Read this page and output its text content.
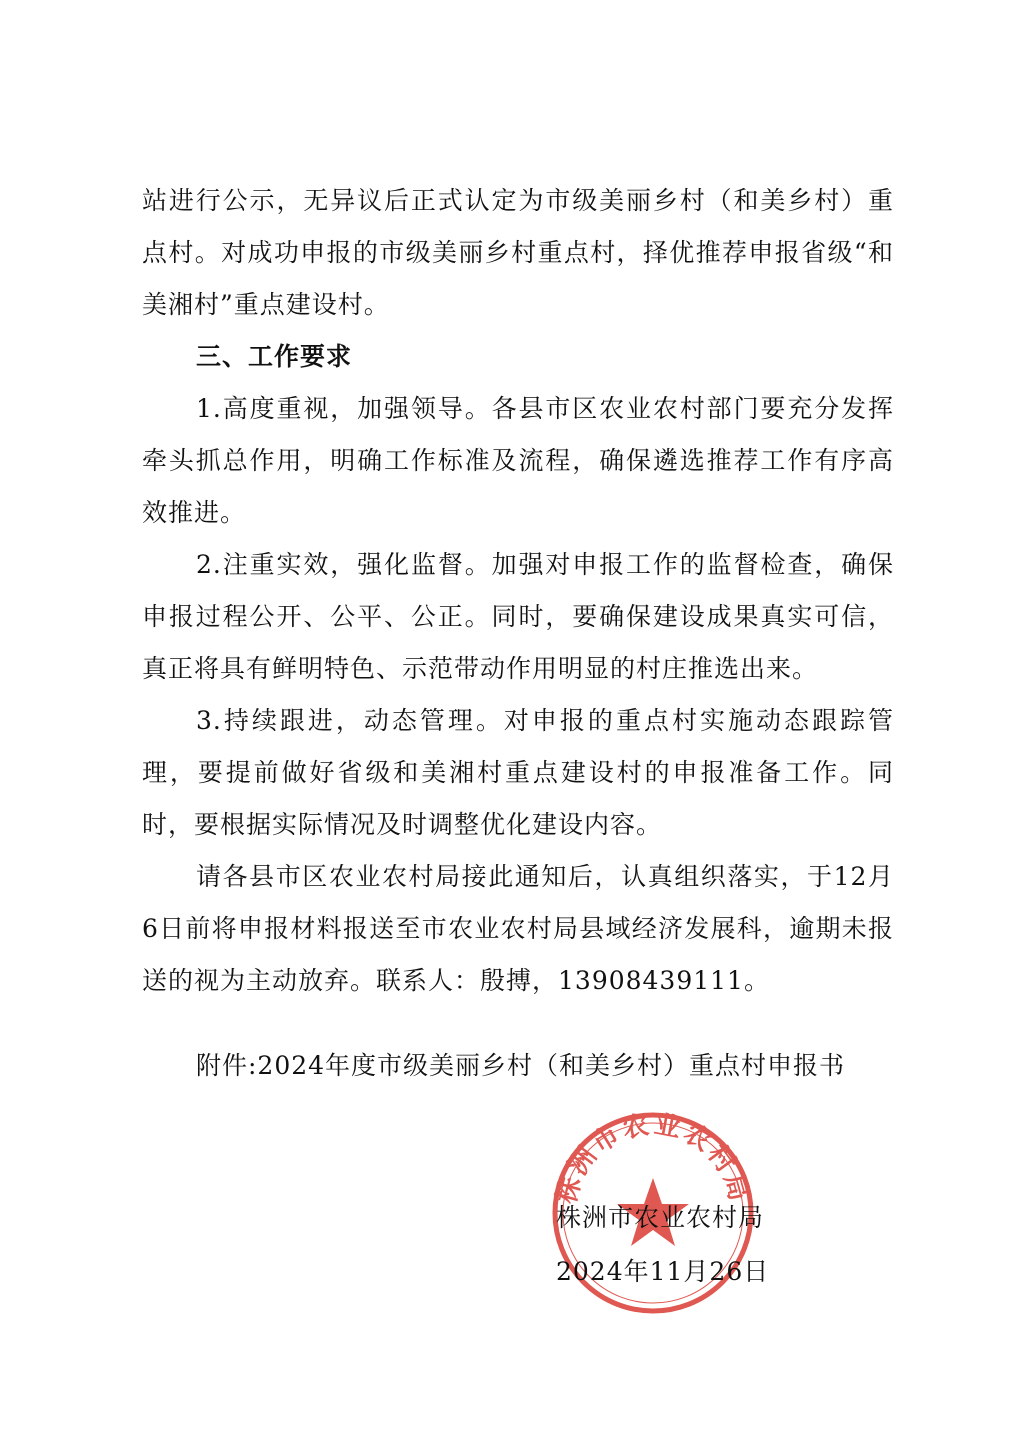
站进行公示，无异议后正式认定为市级美丽乡村（和美乡村）重点村。对成功申报的市级美丽乡村重点村，择优推荐申报省级“和美湘村”重点建设村。

三、工作要求

1.高度重视，加强领导。各县市区农业农村部门要充分发挥牵头抓总作用，明确工作标准及流程，确保遴选推荐工作有序高效推进。

2.注重实效，强化监督。加强对申报工作的监督检查，确保申报过程公开、公平、公正。同时，要确保建设成果真实可信，真正将具有鲜明特色、示范带动作用明显的村庄推选出来。

3.持续跟进，动态管理。对申报的重点村实施动态跟踪管理，要提前做好省级和美湘村重点建设村的申报准备工作。同时，要根据实际情况及时调整优化建设内容。

请各县市区农业农村局接此通知后，认真组织落实，于12月6日前将申报材料报送至市农业农村局县域经济发展科，逾期未报送的视为主动放弃。联系人：殷搏，13908439111。

附件:2024年度市级美丽乡村（和美乡村）重点村申报书

株洲市农业农村局
株洲市农业农村局
2024年11月26日
